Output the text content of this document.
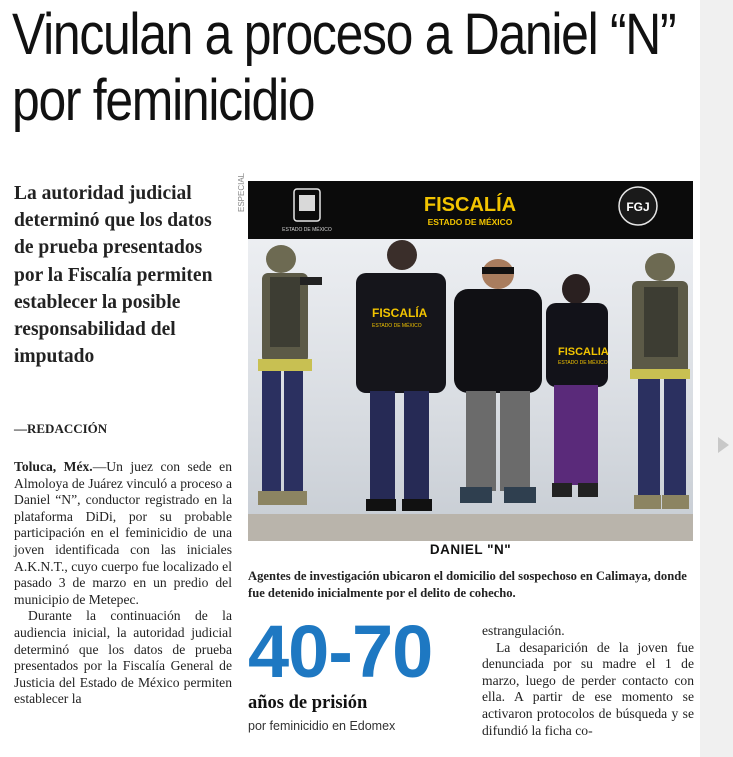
Vinculan a proceso a Daniel “N”
por feminicidio
La autoridad judicial determinó que los datos de prueba presentados por la Fiscalía permiten establecer la posible responsabilidad del imputado
—REDACCIÓN

Toluca, Méx.—Un juez con sede en Almoloya de Juárez vinculó a proceso a Daniel “N”, conductor registrado en la plataforma DiDi, por su probable participación en el feminicidio de una joven identificada con las iniciales A.K.N.T., cuyo cuerpo fue localizado el pasado 3 de marzo en un predio del municipio de Metepec.

Durante la continuación de la audiencia inicial, la autoridad judicial determinó que los datos de prueba presentados por la Fiscalía General de Justicia del Estado de México permiten establecer la

estrangulación.

La desaparición de la joven fue denunciada por su madre el 1 de marzo, luego de perder contacto con ella. A partir de ese momento se activaron protocolos de búsqueda y se difundió la ficha co-

ESPECIAL
ESTADO DE MÉXICO
FISCALÍA
ESTADO DE MÉXICO
FGJ
FISCALÍA
ESTADO DE MÉXICO
FISCALIA
ESTADO DE MÉXICO
DANIEL "N"
Agentes de investigación ubicaron el domicilio del sospechoso en Calimaya, donde fue detenido inicialmente por el delito de cohecho.
40-70
años de prisión
por feminicidio en Edomex
